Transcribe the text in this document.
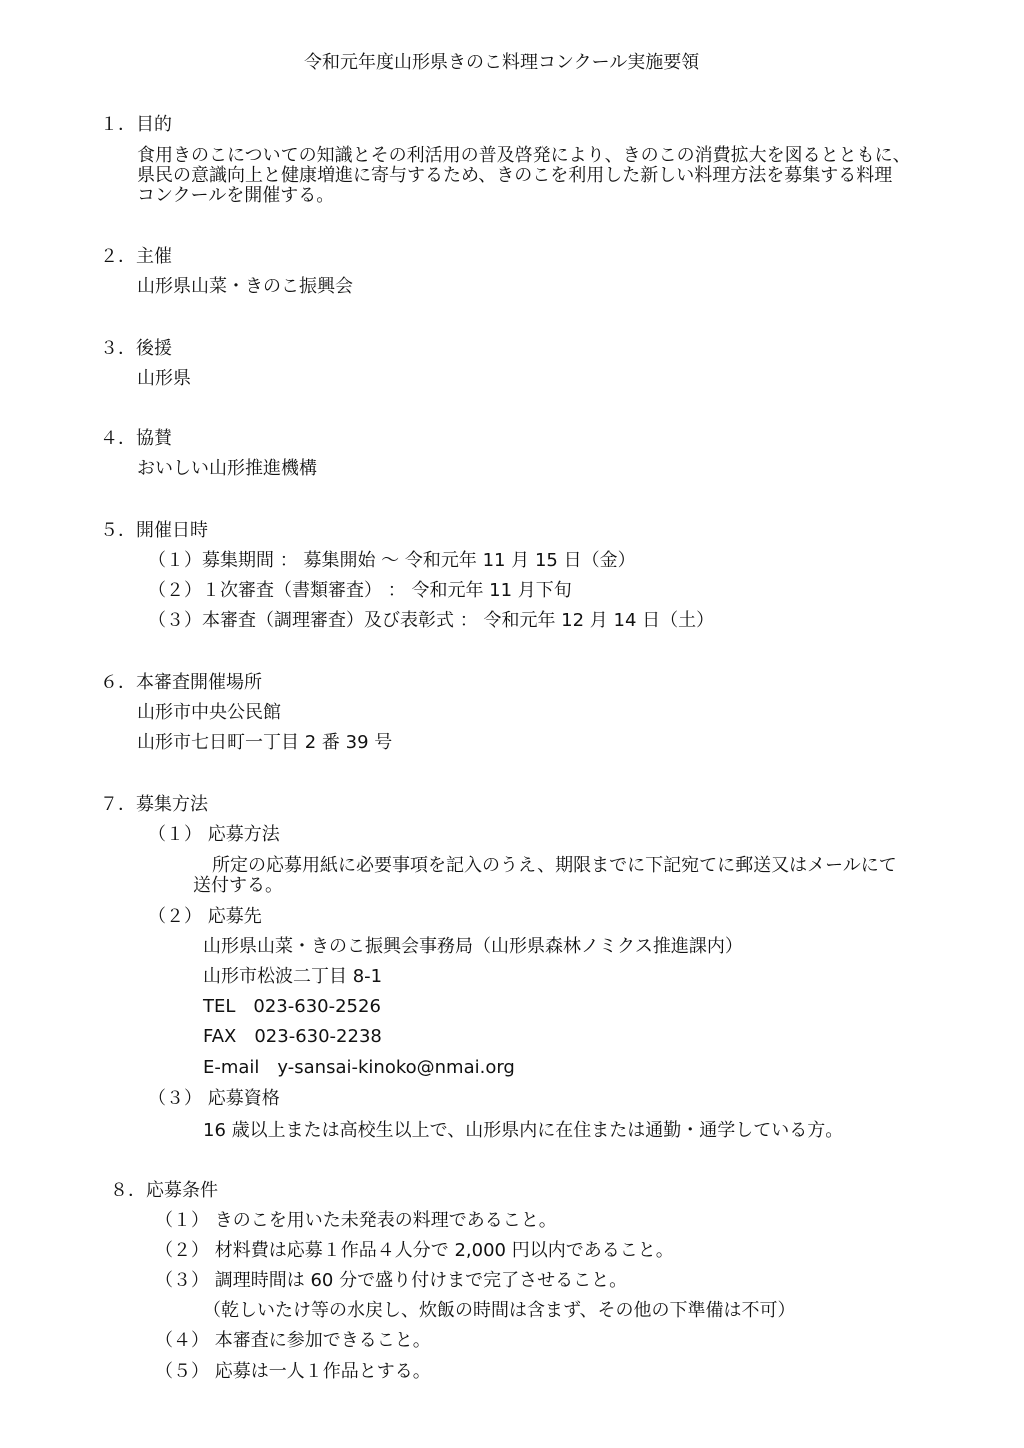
令和元年度山形県きのこ料理コンクール実施要領
１．目的
食用きのこについての知識とその利活用の普及啓発により、きのこの消費拡大を図るとともに、
県民の意識向上と健康増進に寄与するため、きのこを利用した新しい料理方法を募集する料理
コンクールを開催する。
２．主催
山形県山菜・きのこ振興会
３．後援
山形県
４．協賛
おいしい山形推進機構
５．開催日時
（１）募集期間 ： 募集開始 ～ 令和元年 11 月 15 日（金）
（２）１次審査（書類審査） ： 令和元年 11 月下旬
（３）本審査（調理審査）及び表彰式 ： 令和元年 12 月 14 日（土）
６．本審査開催場所
山形市中央公民館
山形市七日町一丁目 2 番 39 号
７．募集方法
（１） 応募方法
所定の応募用紙に必要事項を記入のうえ、期限までに下記宛てに郵送又はメールにて
送付する。
（２） 応募先
山形県山菜・きのこ振興会事務局（山形県森林ノミクス推進課内）
山形市松波二丁目 8-1
TEL　023-630-2526
FAX　023-630-2238
E-mail　y-sansai-kinoko@nmai.org
（３） 応募資格
16 歳以上または高校生以上で、山形県内に在住または通勤・通学している方。
８．応募条件
（１） きのこを用いた未発表の料理であること。
（２） 材料費は応募１作品４人分で 2,000 円以内であること。
（３） 調理時間は 60 分で盛り付けまで完了させること。
（乾しいたけ等の水戻し、炊飯の時間は含まず、その他の下準備は不可）
（４） 本審査に参加できること。
（５） 応募は一人１作品とする。
